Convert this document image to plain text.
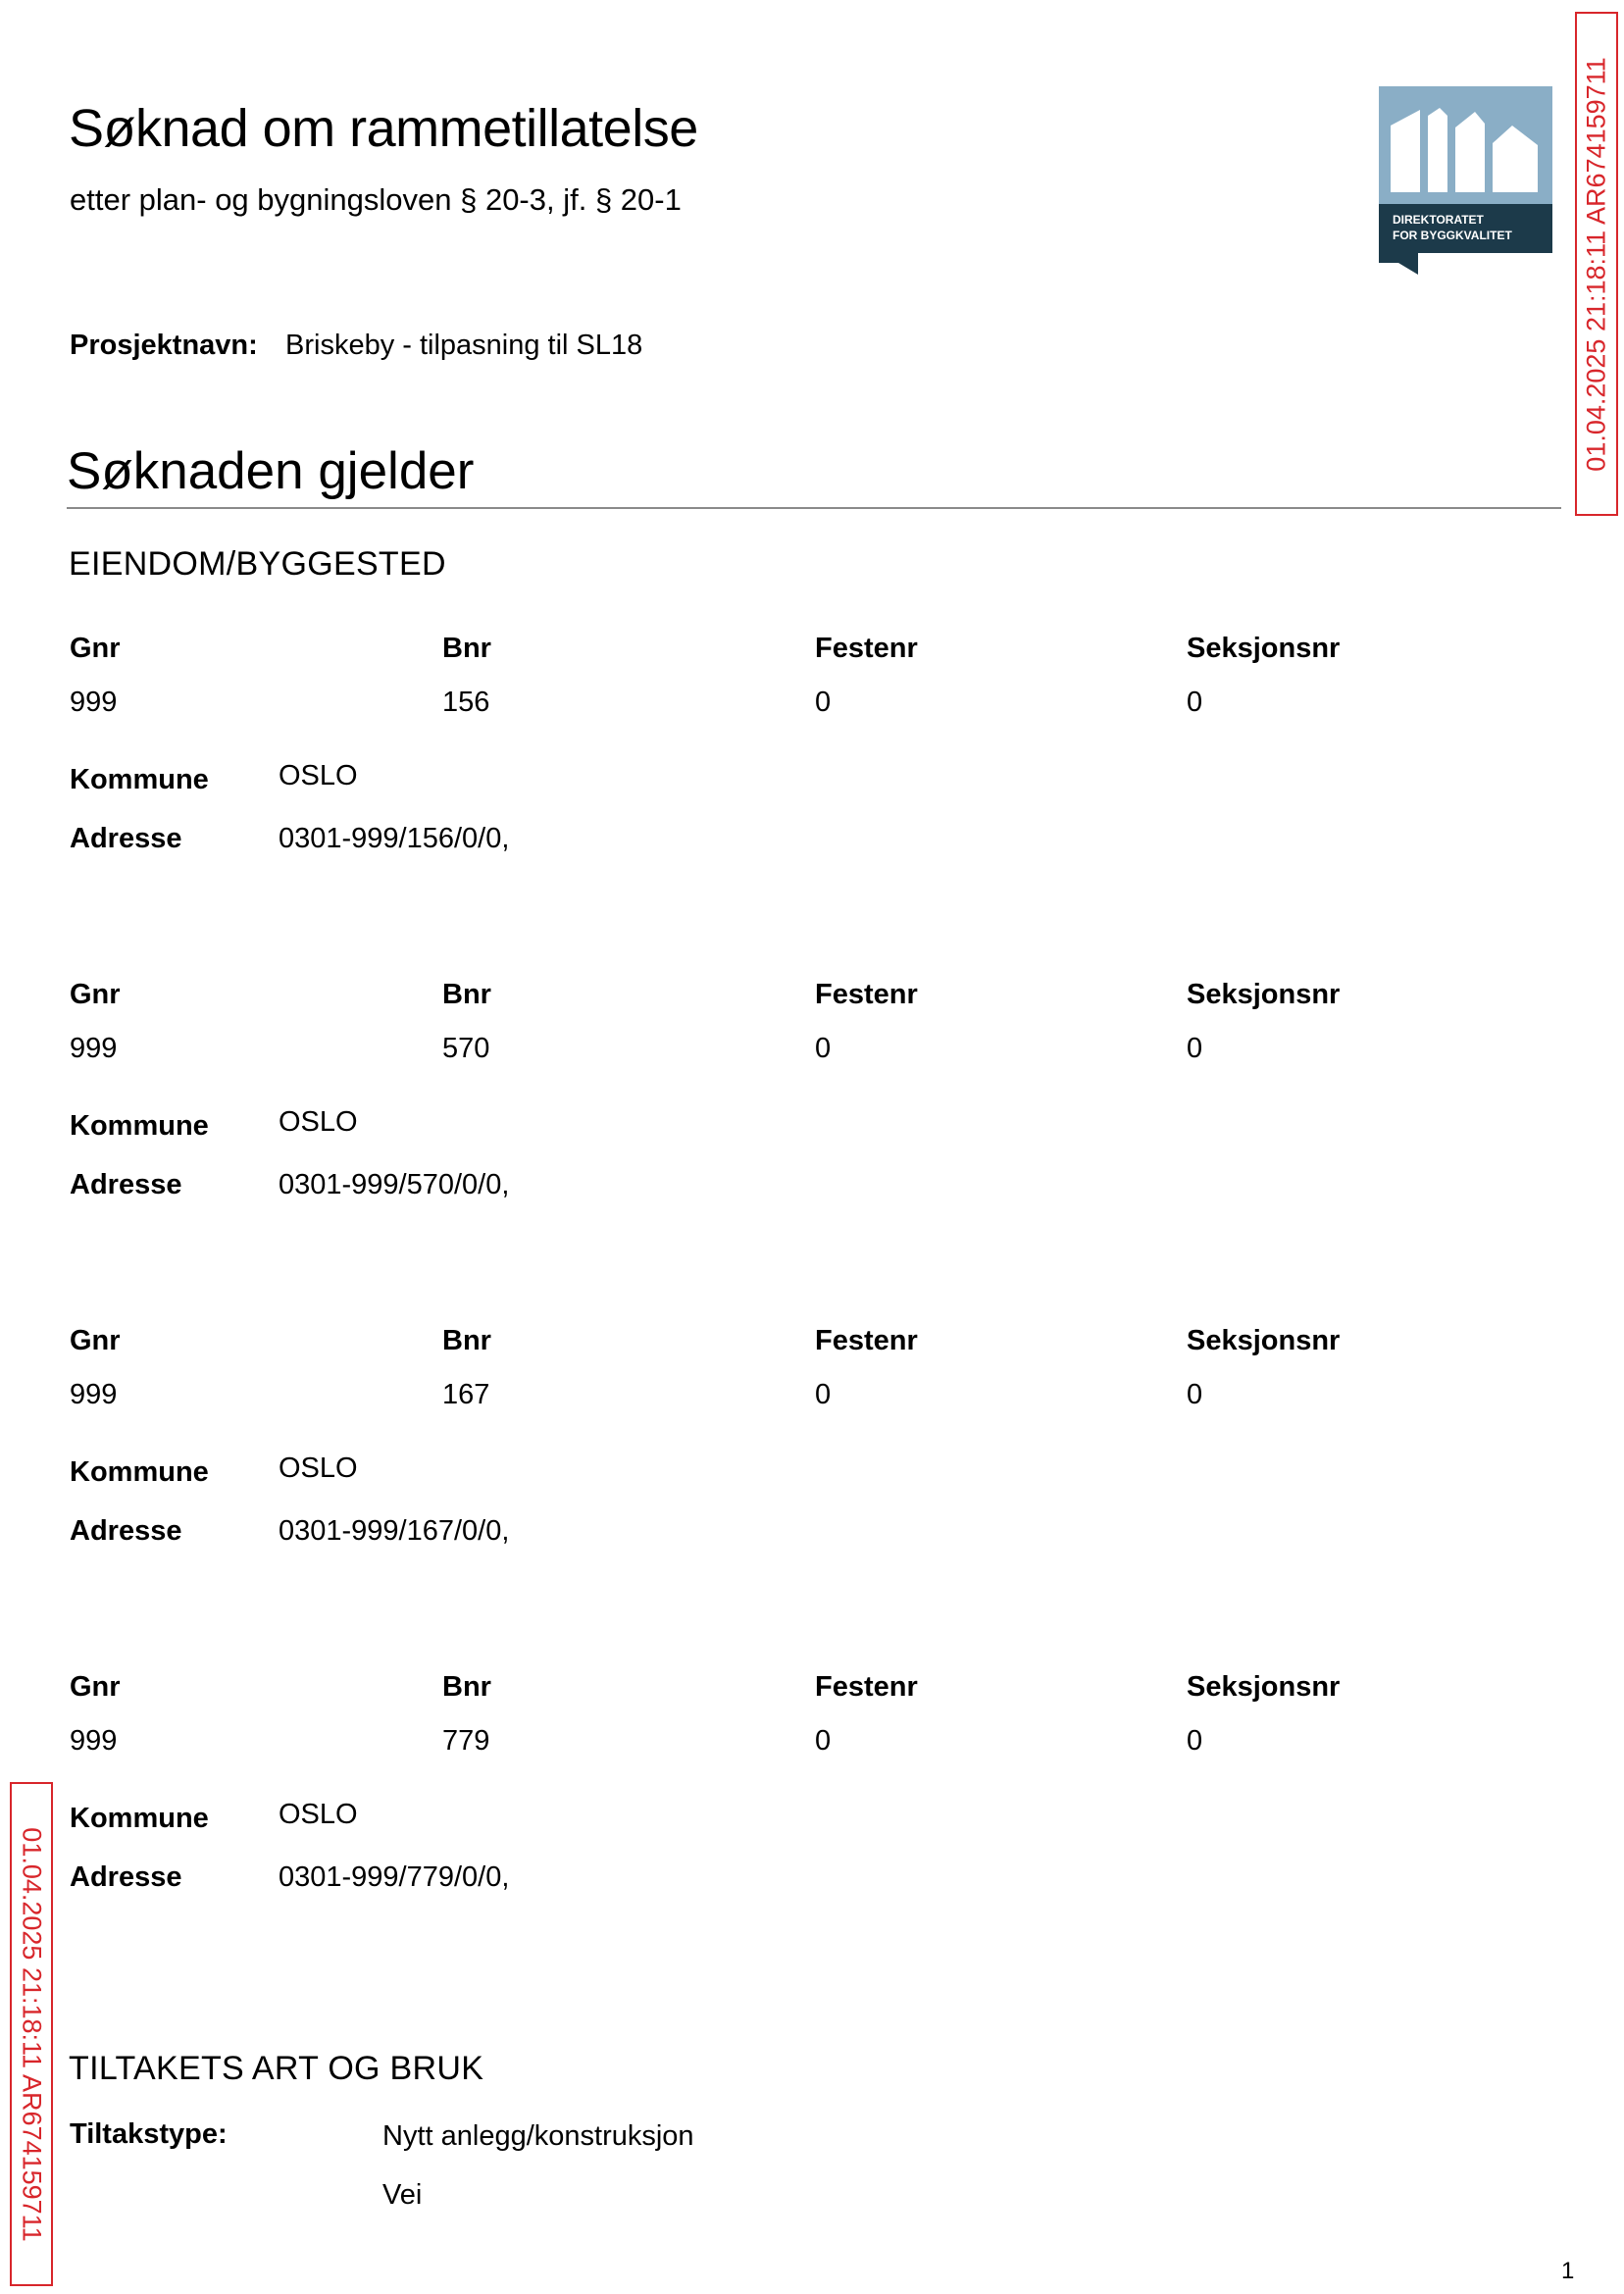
Søknad om rammetillatelse
etter plan- og bygningsloven § 20-3, jf. § 20-1
DIREKTORATET
FOR BYGGKVALITET	01.04.2025 21:18:11 AR674159711
Prosjektnavn: Briskeby - tilpasning til SL18
Søknaden gjelder
EIENDOM/BYGGESTED
Gnr	Bnr	Festenr	Seksjonsnr
999	156	0	0
Kommune OSLO
Adresse	0301-999/156/0/0,
Gnr	Bnr	Festenr	Seksjonsnr
999	570	0	0
Kommune OSLO
Adresse	0301-999/570/0/0,
Gnr	Bnr	Festenr	Seksjonsnr
999	167	0	0
Kommune OSLO
Adresse	0301-999/167/0/0,
Gnr	Bnr	Festenr	Seksjonsnr
999	779	0	0
Kommune OSLO
Adresse	0301-999/779/0/0,
TILTAKETS ART OG BRUK
Tiltakstype:	Nytt anlegg/konstruksjon
Vei
01.04.2025 21:18:11 AR674159711
1
